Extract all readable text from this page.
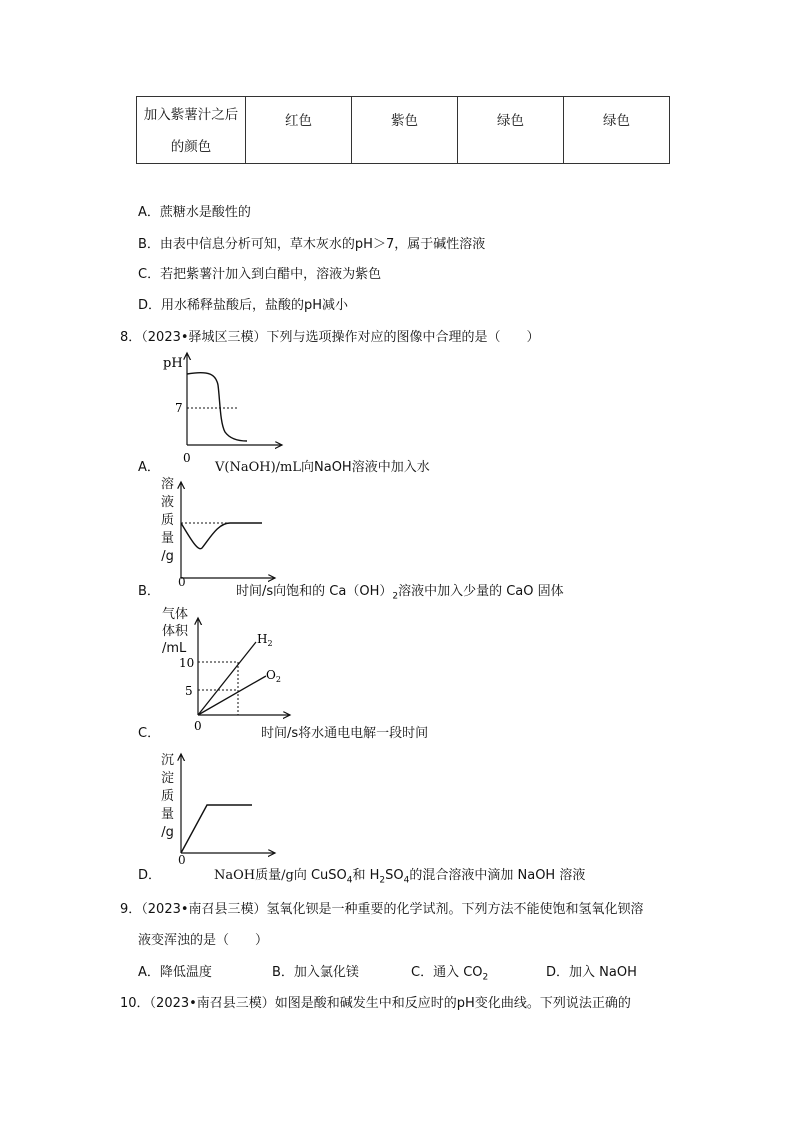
加入紫薯汁之后
的颜色
	红色	紫色	绿色	绿色
A．蔗糖水是酸性的
B．由表中信息分析可知，草木灰水的pH＞7，属于碱性溶液
C．若把紫薯汁加入到白醋中，溶液为紫色
D．用水稀释盐酸后，盐酸的pH减小
8．（2023•驿城区三模）下列与选项操作对应的图像中合理的是（　　）
pH
7
0
A．	V(NaOH)/mL向NaOH溶液中加入水
溶
液
质
量
/g
0
B．	时间/s向饱和的 $Ca(OH)_2$溶液中加入少量的 CaO 固体
$H_2$
$O_2$
10
5
0
气体
体积
/mL
C．	时间/s将水通电电解一段时间
沉
淀
质
量
/g
0
D．	NaOH质量/g向 CuSO$_4$和 $H_2SO_4$的混合溶液中滴加 NaOH 溶液
9．（2023•南召县三模）氢氧化钡是一种重要的化学试剂。下列方法不能使饱和氢氧化钡溶
液变浑浊的是（　　）
A．降低温度	B．加入氯化镁	C．通入 $CO_2$	D．加入 NaOH
10．（2023•南召县三模）如图是酸和碱发生中和反应时的pH变化曲线。下列说法正确的
